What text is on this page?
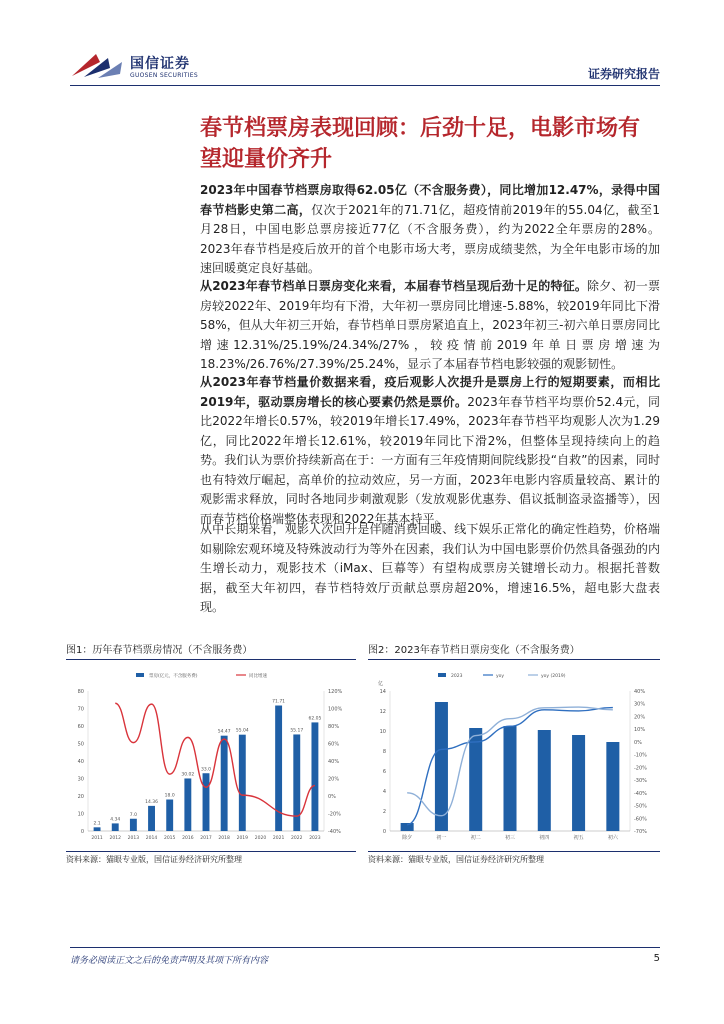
国信证券
GUOSEN SECURITIES	证券研究报告
春节档票房表现回顾：后劲十足，电影市场有望迎量价齐升
2023年中国春节档票房取得62.05亿（不含服务费），同比增加12.47%，录得中国春节档影史第二高，仅次于2021年的71.71亿，超疫情前2019年的55.04亿，截至1月28日，中国电影总票房接近77亿（不含服务费），约为2022全年票房的28%。2023年春节档是疫后放开的首个电影市场大考，票房成绩斐然，为全年电影市场的加速回暖奠定良好基础。
从2023年春节档单日票房变化来看，本届春节档呈现后劲十足的特征。除夕、初一票房较2022年、2019年均有下滑，大年初一票房同比增速-5.88%，较2019年同比下滑58%，但从大年初三开始，春节档单日票房紧追直上，2023年初三-初六单日票房同比增速12.31%/25.19%/24.34%/27%，较疫情前2019年单日票房增速为18.23%/26.76%/27.39%/25.24%，显示了本届春节档电影较强的观影韧性。
从2023年春节档量价数据来看，疫后观影人次提升是票房上行的短期要素，而相比2019年，驱动票房增长的核心要素仍然是票价。2023年春节档平均票价52.4元，同比2022年增长0.57%，较2019年增长17.49%，2023年春节档平均观影人次为1.29亿，同比2022年增长12.61%，较2019年同比下滑2%，但整体呈现持续向上的趋势。我们认为票价持续新高在于：一方面有三年疫情期间院线影投“自救”的因素，同时也有特效厅崛起，高单价的拉动效应，另一方面，2023年电影内容质量较高、累计的观影需求释放，同时各地同步刺激观影（发放观影优惠券、倡议抵制盗录盗播等），因而春节档价格端整体表现和2022年基本持平。
从中长期来看，观影人次回升是伴随消费回暖、线下娱乐正常化的确定性趋势，价格端如剔除宏观环境及特殊波动行为等外在因素，我们认为中国电影票价仍然具备强劲的内生增长动力，观影技术（iMax、巨幕等）有望构成票房关键增长动力。根据托普数据，截至大年初四，春节档特效厅贡献总票房超20%，增速16.5%，超电影大盘表现。
图1：历年春节档票房情况（不含服务费）
0
10
20
30
40
50
60
70
80
-40%
-20%
0%
20%
40%
60%
80%
100%
120%
2.1
2011
4.34
2012
7.0
2013
14.36
2014
18.0
2015
30.02
2016
33.0
2017
54.47
2018
55.04
2019 2020
71.71
2021
55.17
2022
62.05
2023
票房(亿元，不含服务费)	同比增速
资料来源：猫眼专业版，国信证券经济研究所整理
图2：2023年春节档日票房变化（不含服务费）
0
2
4
6
8
10
12
14
-70%
-60%
-50%
-40%
-30%
-20%
-10%
0%
10%
20%
30%
40%
亿
除夕	初一	初二	初三	初四	初五	初六
2023	yoy	yoy (2019)
资料来源：猫眼专业版，国信证券经济研究所整理
请务必阅读正文之后的免责声明及其项下所有内容	5
